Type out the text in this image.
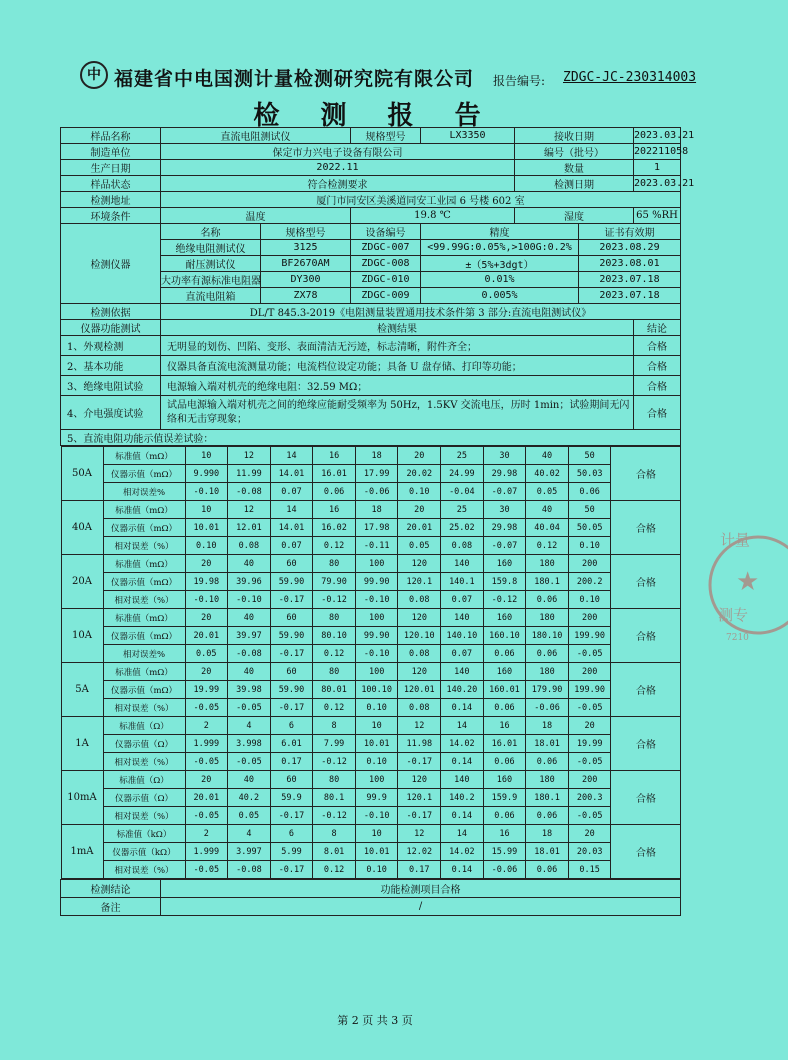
中 福建省中电国测计量检测研究院有限公司 报告编号: ZDGC-JC-230314003
检 测 报 告
样品名称	直流电阻测试仪	规格型号	LX3350	接收日期	2023.03.21
制造单位	保定市力兴电子设备有限公司	编号（批号）	202211058
生产日期	2022.11	数量	1
样品状态	符合检测要求	检测日期	2023.03.21
检测地址	厦门市同安区美溪道同安工业园 6 号楼 602 室
环境条件	温度	19.8 ℃	湿度	65 %RH
检测仪器	名称	规格型号	设备编号	精度	证书有效期
绝缘电阻测试仪	3125	ZDGC-007	<99.99G:0.05%,>100G:0.2%	2023.08.29
耐压测试仪	BF2670AM	ZDGC-008	±（5%+3dgt）	2023.08.01
大功率有源标准电阻器	DY300	ZDGC-010	0.01%	2023.07.18
直流电阻箱	ZX78	ZDGC-009	0.005%	2023.07.18
检测依据	DL/T 845.3-2019《电阻测量装置通用技术条件第 3 部分:直流电阻测试仪》
仪器功能测试	检测结果	结论
1、外观检测	无明显的划伤、凹陷、变形、表面清洁无污迹，标志清晰，附件齐全；	合格
2、基本功能	仪器具备直流电流测量功能；电流档位设定功能；具备 U 盘存储、打印等功能；	合格
3、绝缘电阻试验	电源输入端对机壳的绝缘电阻：32.59 MΩ；	合格
4、介电强度试验	试品电源输入端对机壳之间的绝缘应能耐受频率为 50Hz，1.5KV 交流电压，历时 1min；试验期间无闪络和无击穿现象；	合格
5、直流电阻功能示值误差试验：

50A	标准值（mΩ）	10	12	14	16	18	20	25	30	40	50	合格
仪器示值（mΩ）	9.990	11.99	14.01	16.01	17.99	20.02	24.99	29.98	40.02	50.03
相对误差%	-0.10	-0.08	0.07	0.06	-0.06	0.10	-0.04	-0.07	0.05	0.06
40A	标准值（mΩ）	10	12	14	16	18	20	25	30	40	50	合格
仪器示值（mΩ）	10.01	12.01	14.01	16.02	17.98	20.01	25.02	29.98	40.04	50.05
相对误差（%）	0.10	0.08	0.07	0.12	-0.11	0.05	0.08	-0.07	0.12	0.10
20A	标准值（mΩ）	20	40	60	80	100	120	140	160	180	200	合格
仪器示值（mΩ）	19.98	39.96	59.90	79.90	99.90	120.1	140.1	159.8	180.1	200.2
相对误差（%）	-0.10	-0.10	-0.17	-0.12	-0.10	0.08	0.07	-0.12	0.06	0.10
10A	标准值（mΩ）	20	40	60	80	100	120	140	160	180	200	合格
仪器示值（mΩ）	20.01	39.97	59.90	80.10	99.90	120.10	140.10	160.10	180.10	199.90
相对误差%	0.05	-0.08	-0.17	0.12	-0.10	0.08	0.07	0.06	0.06	-0.05
5A	标准值（mΩ）	20	40	60	80	100	120	140	160	180	200	合格
仪器示值（mΩ）	19.99	39.98	59.90	80.01	100.10	120.01	140.20	160.01	179.90	199.90
相对误差（%）	-0.05	-0.05	-0.17	0.12	0.10	0.08	0.14	0.06	-0.06	-0.05
1A	标准值（Ω）	2	4	6	8	10	12	14	16	18	20	合格
仪器示值（Ω）	1.999	3.998	6.01	7.99	10.01	11.98	14.02	16.01	18.01	19.99
相对误差（%）	-0.05	-0.05	0.17	-0.12	0.10	-0.17	0.14	0.06	0.06	-0.05
10mA	标准值（Ω）	20	40	60	80	100	120	140	160	180	200	合格
仪器示值（Ω）	20.01	40.2	59.9	80.1	99.9	120.1	140.2	159.9	180.1	200.3
相对误差（%）	-0.05	0.05	-0.17	-0.12	-0.10	-0.17	0.14	0.06	0.06	-0.05
1mA	标准值（kΩ）	2	4	6	8	10	12	14	16	18	20	合格
仪器示值（kΩ）	1.999	3.997	5.99	8.01	10.01	12.02	14.02	15.99	18.01	20.03
相对误差（%）	-0.05	-0.08	-0.17	0.12	0.10	0.17	0.14	-0.06	0.06	0.15

检测结论	功能检测项目合格
备注	/
计量
★
测专
7210
第 2 页 共 3 页
